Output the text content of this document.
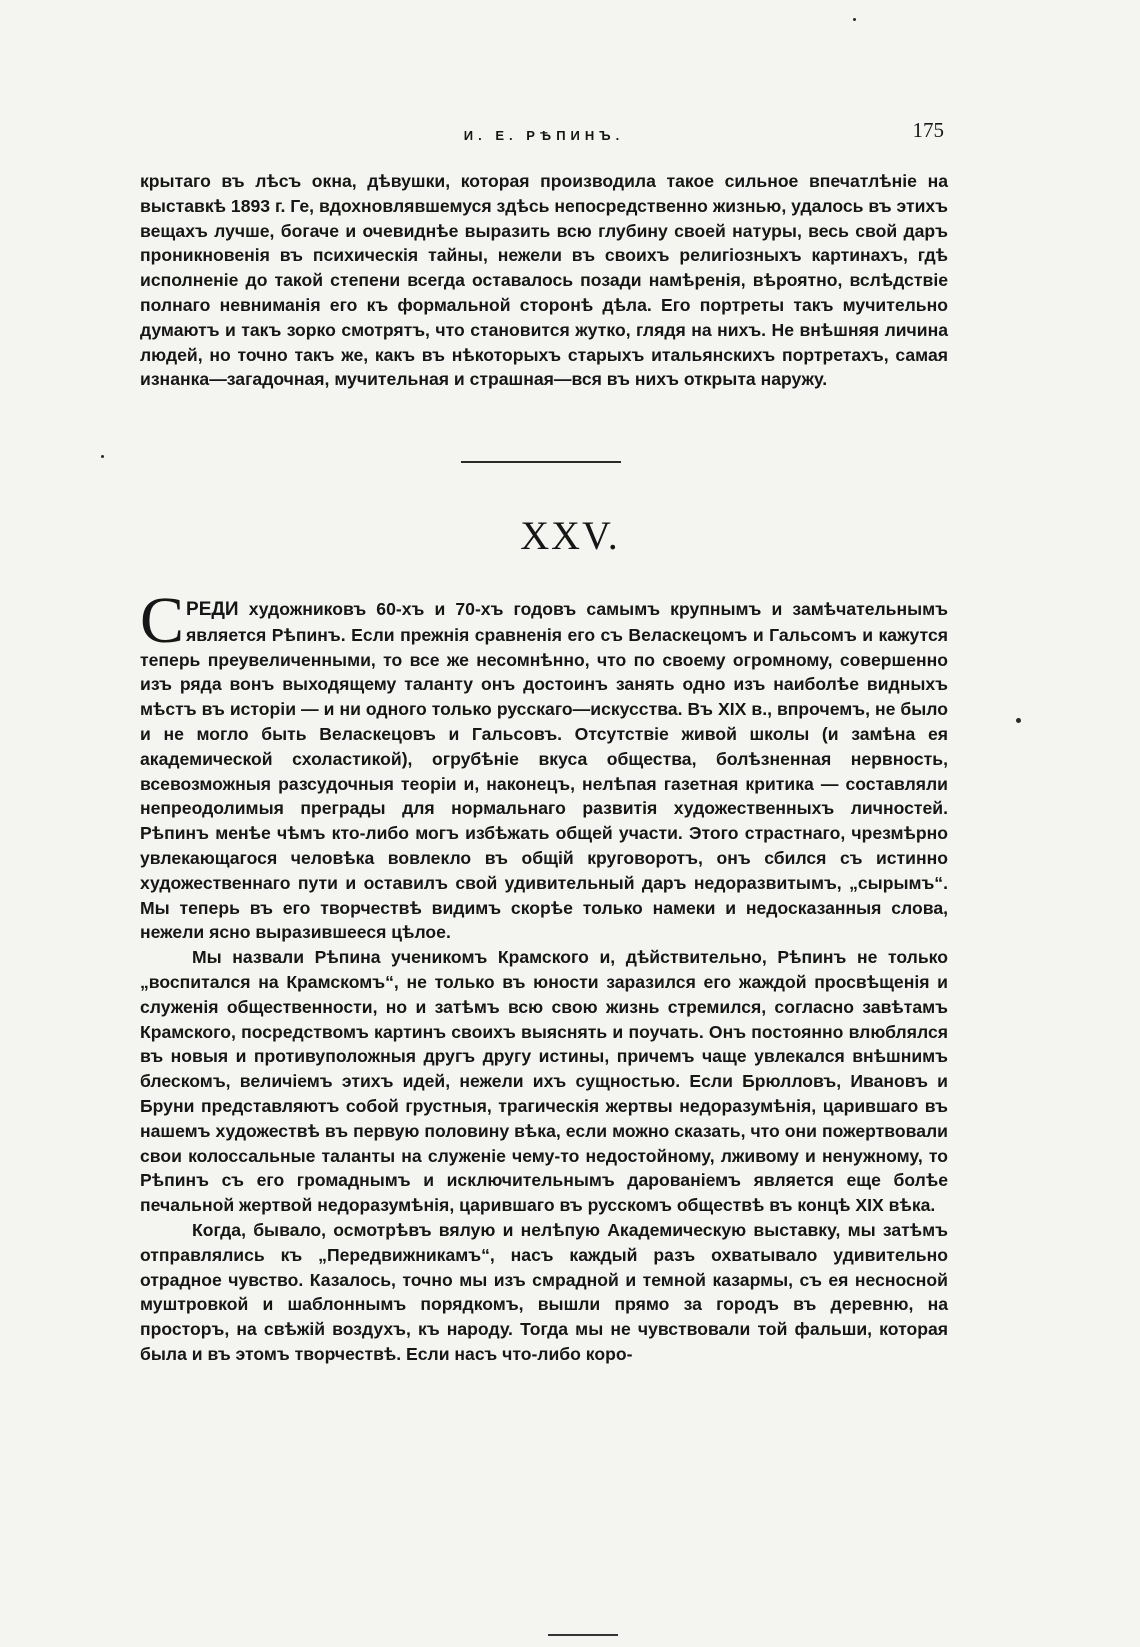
И. Е. РѢПИНЪ.	175

крытаго въ лѣсъ окна, дѣвушки, которая производила такое сильное впечатлѣніе на выставкѣ 1893 г. Ге, вдохновлявшемуся здѣсь непосредственно жизнью, удалось въ этихъ вещахъ лучше, богаче и очевиднѣе выразить всю глубину своей натуры, весь свой даръ проникновенія въ психическія тайны, нежели въ своихъ религіозныхъ картинахъ, гдѣ исполненіе до такой степени всегда оставалось позади намѣренія, вѣроятно, вслѣдствіе полнаго невниманія его къ формальной сторонѣ дѣла. Его портреты такъ мучительно думаютъ и такъ зорко смотрятъ, что становится жутко, глядя на нихъ. Не внѣшняя личина людей, но точно такъ же, какъ въ нѣкоторыхъ старыхъ итальянскихъ портретахъ, самая изнанка—загадочная, мучительная и страшная—вся въ нихъ открыта наружу.

XXV.

СРЕДИ художниковъ 60-хъ и 70-хъ годовъ самымъ крупнымъ и замѣчательнымъ является Рѣпинъ. Если прежнія сравненія его съ Веласкецомъ и Гальсомъ и кажутся теперь преувеличенными, то все же несомнѣнно, что по своему огромному, совершенно изъ ряда вонъ выходящему таланту онъ достоинъ занять одно изъ наиболѣе видныхъ мѣстъ въ исторіи — и ни одного только русскаго—искусства. Въ XIX в., впрочемъ, не было и не могло быть Веласкецовъ и Гальсовъ. Отсутствіе живой школы (и замѣна ея академической схоластикой), огрубѣніе вкуса общества, болѣзненная нервность, всевозможныя разсудочныя теоріи и, наконецъ, нелѣпая газетная критика — составляли непреодолимыя преграды для нормальнаго развитія художественныхъ личностей. Рѣпинъ менѣе чѣмъ кто-либо могъ избѣжать общей участи. Этого страстнаго, чрезмѣрно увлекающагося человѣка вовлекло въ общій круговоротъ, онъ сбился съ истинно художественнаго пути и оставилъ свой удивительный даръ недоразвитымъ, „сырымъ“. Мы теперь въ его творчествѣ видимъ скорѣе только намеки и недосказанныя слова, нежели ясно выразившееся цѣлое.

Мы назвали Рѣпина ученикомъ Крамского и, дѣйствительно, Рѣпинъ не только „воспитался на Крамскомъ“, не только въ юности заразился его жаждой просвѣщенія и служенія общественности, но и затѣмъ всю свою жизнь стремился, согласно завѣтамъ Крамского, посредствомъ картинъ своихъ выяснять и поучать. Онъ постоянно влюблялся въ новыя и противуположныя другъ другу истины, причемъ чаще увлекался внѣшнимъ блескомъ, величіемъ этихъ идей, нежели ихъ сущностью. Если Брюлловъ, Ивановъ и Бруни представляютъ собой грустныя, трагическія жертвы недоразумѣнія, царившаго въ нашемъ художествѣ въ первую половину вѣка, если можно сказать, что они пожертвовали свои колоссальные таланты на служеніе чему-то недостойному, лживому и ненужному, то Рѣпинъ съ его громаднымъ и исключительнымъ дарованіемъ является еще болѣе печальной жертвой недоразумѣнія, царившаго въ русскомъ обществѣ въ концѣ XIX вѣка.

Когда, бывало, осмотрѣвъ вялую и нелѣпую Академическую выставку, мы затѣмъ отправлялись къ „Передвижникамъ“, насъ каждый разъ охватывало удивительно отрадное чувство. Казалось, точно мы изъ смрадной и темной казармы, съ ея несносной муштровкой и шаблоннымъ порядкомъ, вышли прямо за городъ въ деревню, на просторъ, на свѣжій воздухъ, къ народу. Тогда мы не чувствовали той фальши, которая была и въ этомъ творчествѣ. Если насъ что-либо коро-
